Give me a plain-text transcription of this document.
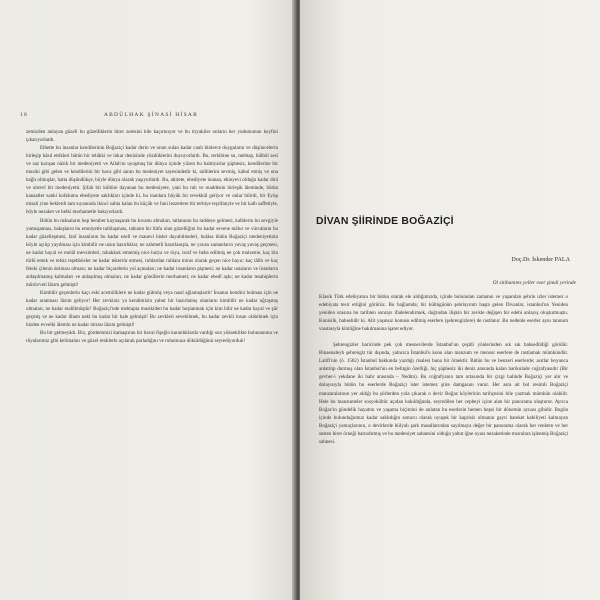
18	ABDÜLHAK ŞİNASİ HİSAR

zemizden anlayan güzeli bu güzelliklerin birer zeresini bile kaçırmıyor ve bu tiryakiler onların her yudumunun keyfini çıkarıyorlardı.

Elbette bu insanlar kendilerinin Boğaziçi kadar derin ve onun sulan kadar canlı binlerce duyguların ve düşüncelerin birleşip hâsıl ettikleri bütün bir telâkki ve inkar denizinde yüzdüklerini duyuyorlardı. Bu, terkibine su, mehtap, bülbül sesi ve saz karışan nâzik bir medeniyetti ve Allah'ın uyuşmuş bir dünya içinde yüzen bu bahtiyarlar şüphesiz, kendilerine bir musiki gibi gelen ve kendilerini bir hava gibi saran bu medeniyet sayesindedir ki, talihlerini sevmiş, kabul etmiş ve ona bağlı olmuşlar, hatta düşündükçe, böyle dünya olarak yaşıyorlardı. Bu, ahirete, ebediyete inanan, ekinyevi olduğu kadar dinî ve uhrevî bir medeniyetti. Şifalı bir kültüre dayanan bu medeniyete, yani bu ruh ve maddenin birleşik âleminde, bütün kanaatler sanki kolkluma ebediyete saklıkları içinde ki, bu inanlara büyük bir tevekkül geliyor ve onlar bilirdi, bir Eyüp misali yine beklerdi tam sıyanında ikinci sahta kalan bu küçük ve fani lezzetlere bir terbiye teşrifatıyle ve bir kalb saffetiyle, böyle nezaket ve belki merhametle bakıyorlardı.

Bütün bu mânaların hep beraber kaynaşarak bu kıvamı almaları, tatlanının bu raddeye gelmesi, kalblerin bu sevgiyle yumuşaması, bakışların bu emniyetle tatlılaşması, tabiatın bir lütfu olan güzelliğini bu kadar sevene mâlur ve vücutların bu kadar güzelleşmesi, fanî insanların bu kadar ezelî ve manevi hisler duyabilmeleri, hulâsa bütün Boğaziçi medeniyetinin böyle açılıp yayılması için kimbilir ne uzun hazırlıklar, ne zahmetli hazırlanışla, ne yavan zamanların yavaş yavaş geçmesi, ne kadar hayal ve melâl mevsimleri, tahakkuk etmemiş nice hulya ve rüya, israf ve heba edilmiş ne çok malzeme, kaç bin türlü emek ve telsiz teşebbüsler ne kadar tekerrür etmesi, ruhlardan ruhlara miras olarak geçen nice hayır; kaç tâlih ve kaç feleki çilenin dolması olması; ne kadar biçarelerin yol açmaları; ne kadar insanların pişmesi; ne kadar ustaların ve üstatların anlaşılmamış kalmaları ve anlaşılmış olmaları, ne kadar gönüllerin merhameti; ne kadar ebedî aşkı; ne kadar tesahiplerin mürüvveti lâzım gelmişti!

Kimbilir geçenlerin kaçı eski acemiliklere ne kadar gülmüş veya nasıl ağlamışlardı! İnsanın kendini bulması için ne kadar aranması lâzım geliyor! Her zevkiniz ya kendimizin yahut bir hazırlamış olanların kimbilir ne kadar uğraşmış olmaları, ne kadar malûlmüştür! Boğaziçi'nde mehtapta musikiden bu kadar hoşlanmak için kim bilir ne kadar hayal ve şiir geçmiş ve ne kadar ilham nakl bu kadar bir hale gelmişti! Bu zevkleri sevebilmek, bu kadar zevkli insan olabilmek için bizden evvelki âlemin ne kadar mirası lâzım gelmişti!

Bu bir gelmeyâdı. Biz, gördemmizi kamaştıran bir havai fişeğin karanlıklarda vardığı son yükseklikte bulunanıma ve rüyalarımız gibi kelimaları ve güzel renklerle açılarak parladığını ve ruhumuza döküldüğünü seyrediyorduk!

DİVAN ŞİİRİNDE BOĞAZİÇİ
Doç.Dr. İskender PALA
Ol sitibanıtes yeller eser şimdi yerinde

Klasik Türk edebiyatını bir bütün olarak ele aldığımızda, içinde bulunulan zamanın ve yaşanılan şehrin izler istemez o edebiyata tesir ettiğini görürüz. Bu bağlamda; bir kültügünün şehriayınm başta gelen Divanlar, istanbul'un Yeniden yeniden orasına bu tarihten sonrayı ifadelendirmek, doğrudan ilişkin bir zevkle değişen bir edebi anlayış oluşturmuştu. Kunisilk, bahselidir ki. Alit yaşınsız konusu edilmiş eserlere (şehrengizlere) de rastlanır. Bu nedenle eserler aynı tanınım vasıtasıyla kimliğine bakılmasına işaret ediyor.

Şehrengizler haricinde pek çok mesnevilerde İstanbul'un çeşitli yönlerinden sık sık bahsedildiği görülür. Binaenaleyh şehrengiz tür dışında, yalnızca İstanbul'u konu alan manzum ve mensur eserlere de rastlamak mümkündür. Latifi'nin (ö. 1582) İstanbul hakkında yazdığı risalesi buna bir örnektir. Bütün bu ve benzeri eserlerde; asırlar boyunca anlatılıp durmuş olan İstanbul'un en belirgin özelliği, hiç şüphesiz iki deniz arasında kalan harikulade coğrafyasıdır (Bir gevher-i yekdane iki bahr arasında – Nedim). Bu coğrafyanın tam ortasında bir çizgi halinde Boğaziçi yer alır ve dolayısıyla bütün bu eserlerde Boğaziçi ister istemez şiire damgasını vurur. Her asra ait bol resimli Boğaziçi manzaralarının yer aldığı bu şiirlerden yola çıkarak o devir Boğaz köylerinin tarihçesini bile yazmak mümkün olabilir. Hele bu manzumeler sosyokültür açıdan bakıldığında, seyredilen her cepheyi içine alan bir panorama oluşturur. Ayrıca Boğaz'ın gündelik hayatını ve yaşama biçimini de anlatan bu eserlerin hemen hepsi bir dönemin aynası gibidir. Bugün içinde bulunduğumuz kadar saklıdığın sonucu olarak uyuşuk bir kaprisiz olmanın gayri hareket kabiliyeti kalmayan Boğaziçi yamaçlarının, o devirlerde hülyalı şark masallarından sayılmaya değer bir panorama olarak her renkten ve her sesten birer örneği barındırmış ve bu medeniyet sahnesini olduğu yahut iğne oyası nezaketinde mısralara işlenmiş Boğaziçi sahnesi.
